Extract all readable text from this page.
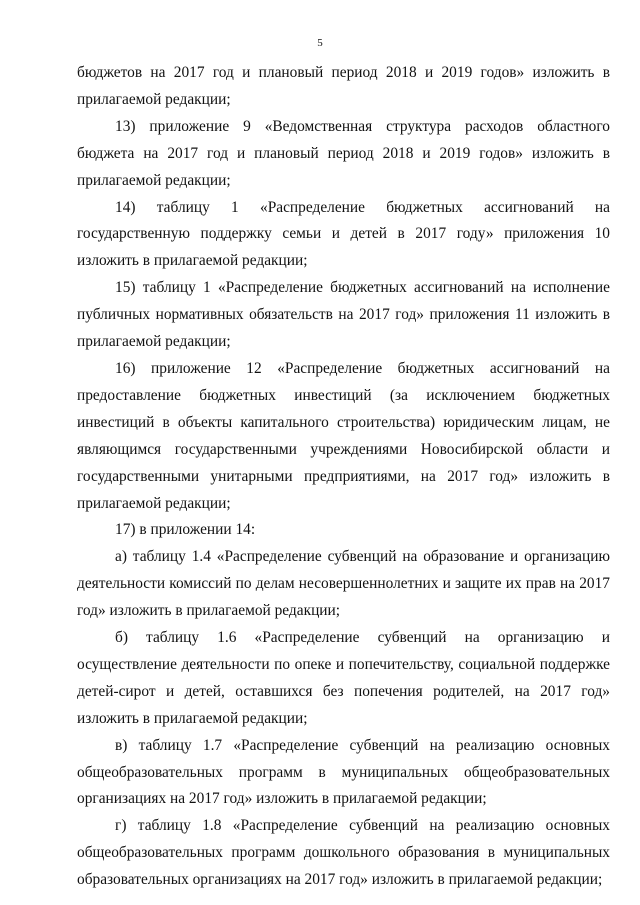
5

бюджетов на 2017 год и плановый период 2018 и 2019 годов» изложить в прилагаемой редакции;

13) приложение 9 «Ведомственная структура расходов областного бюджета на 2017 год и плановый период 2018 и 2019 годов» изложить в прилагаемой редакции;

14) таблицу 1 «Распределение бюджетных ассигнований на государственную поддержку семьи и детей в 2017 году» приложения 10 изложить в прилагаемой редакции;

15) таблицу 1 «Распределение бюджетных ассигнований на исполнение публичных нормативных обязательств на 2017 год» приложения 11 изложить в прилагаемой редакции;

16) приложение 12 «Распределение бюджетных ассигнований на предоставление бюджетных инвестиций (за исключением бюджетных инвестиций в объекты капитального строительства) юридическим лицам, не являющимся государственными учреждениями Новосибирской области и государственными унитарными предприятиями, на 2017 год» изложить в прилагаемой редакции;

17) в приложении 14:

а) таблицу 1.4 «Распределение субвенций на образование и организацию деятельности комиссий по делам несовершеннолетних и защите их прав на 2017 год» изложить в прилагаемой редакции;

б) таблицу 1.6 «Распределение субвенций на организацию и осуществление деятельности по опеке и попечительству, социальной поддержке детей-сирот и детей, оставшихся без попечения родителей, на 2017 год» изложить в прилагаемой редакции;

в) таблицу 1.7 «Распределение субвенций на реализацию основных общеобразовательных программ в муниципальных общеобразовательных организациях на 2017 год» изложить в прилагаемой редакции;

г) таблицу 1.8 «Распределение субвенций на реализацию основных общеобразовательных программ дошкольного образования в муниципальных образовательных организациях на 2017 год» изложить в прилагаемой редакции;
